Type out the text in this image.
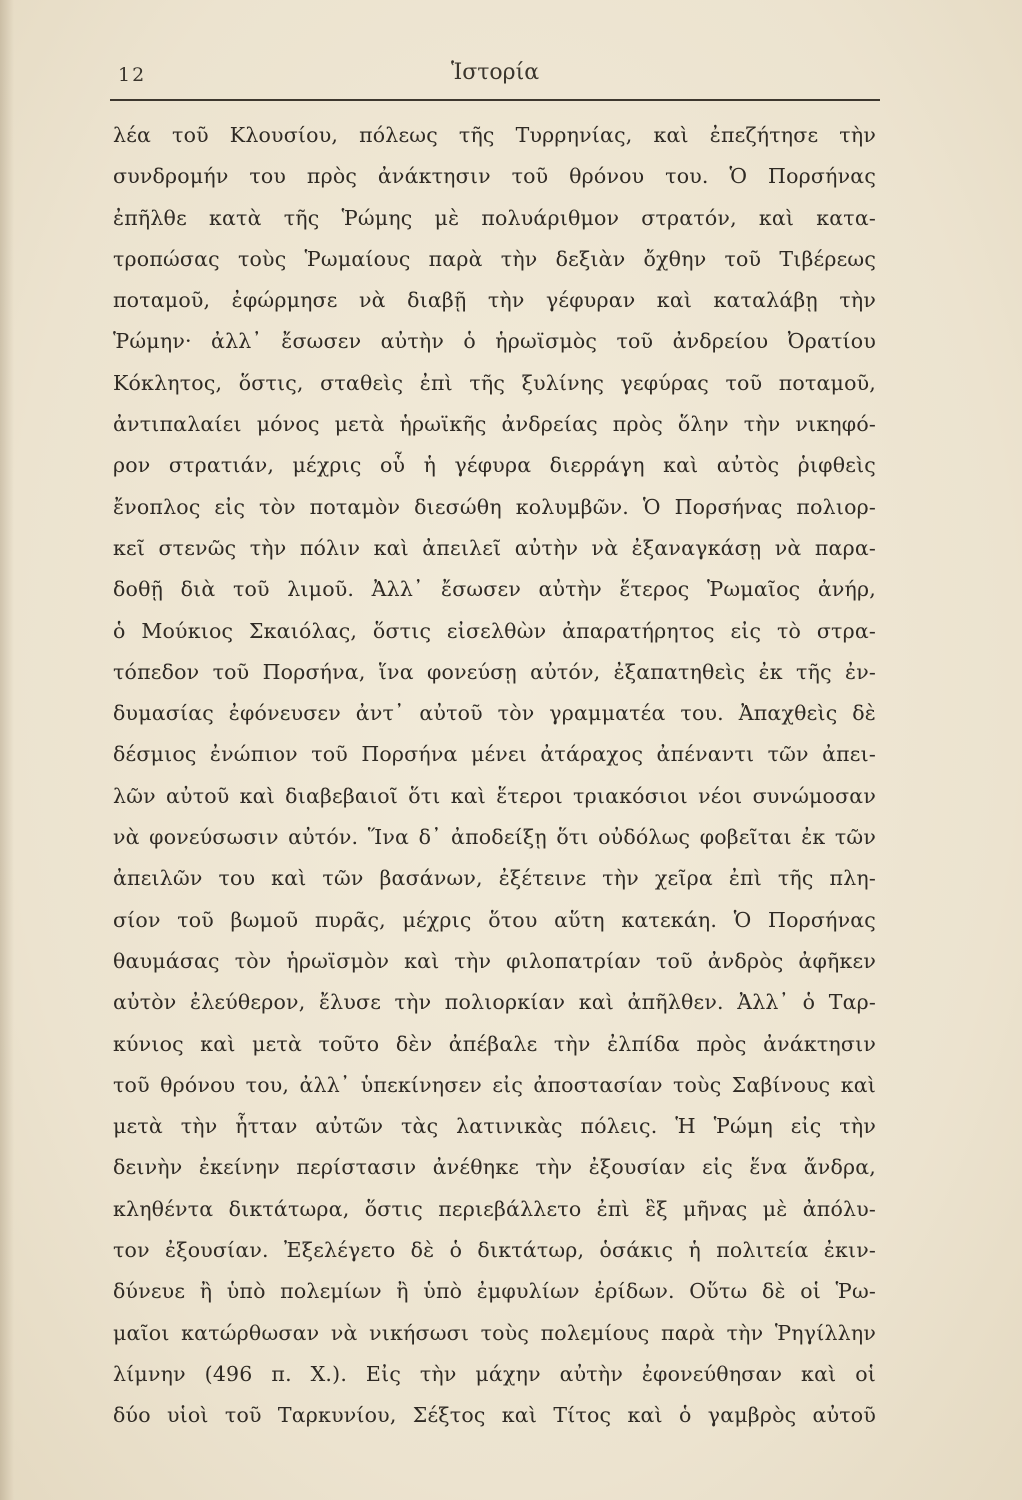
12	Ἱστορία
λέα τοῦ Κλουσίου, πόλεως τῆς Τυρρηνίας, καὶ ἐπεζήτησε τὴν
συνδρομήν του πρὸς ἀνάκτησιν τοῦ θρόνου του. Ὁ Πορσήνας
ἐπῆλθε κατὰ τῆς Ῥώμης μὲ πολυάριθμον στρατόν, καὶ κατα-
τροπώσας τοὺς Ῥωμαίους παρὰ τὴν δεξιὰν ὄχθην τοῦ Τιβέρεως
ποταμοῦ, ἐφώρμησε νὰ διαβῇ τὴν γέφυραν καὶ καταλάβῃ τὴν
Ῥώμην· ἀλλ᾽ ἔσωσεν αὐτὴν ὁ ἡρωϊσμὸς τοῦ ἀνδρείου Ὀρατίου
Κόκλητος, ὅστις, σταθεὶς ἐπὶ τῆς ξυλίνης γεφύρας τοῦ ποταμοῦ,
ἀντιπαλαίει μόνος μετὰ ἡρωϊκῆς ἀνδρείας πρὸς ὅλην τὴν νικηφό-
ρον στρατιάν, μέχρις οὗ ἡ γέφυρα διερράγη καὶ αὐτὸς ῥιφθεὶς
ἔνοπλος εἰς τὸν ποταμὸν διεσώθη κολυμβῶν. Ὁ Πορσήνας πολιορ-
κεῖ στενῶς τὴν πόλιν καὶ ἀπειλεῖ αὐτὴν νὰ ἐξαναγκάσῃ νὰ παρα-
δοθῇ διὰ τοῦ λιμοῦ. Ἀλλ᾽ ἔσωσεν αὐτὴν ἕτερος Ῥωμαῖος ἀνήρ,
ὁ Μούκιος Σκαιόλας, ὅστις εἰσελθὼν ἀπαρατήρητος εἰς τὸ στρα-
τόπεδον τοῦ Πορσήνα, ἵνα φονεύσῃ αὐτόν, ἐξαπατηθεὶς ἐκ τῆς ἐν-
δυμασίας ἐφόνευσεν ἀντ᾽ αὐτοῦ τὸν γραμματέα του. Ἀπαχθεὶς δὲ
δέσμιος ἐνώπιον τοῦ Πορσήνα μένει ἀτάραχος ἀπέναντι τῶν ἀπει-
λῶν αὐτοῦ καὶ διαβεβαιοῖ ὅτι καὶ ἕτεροι τριακόσιοι νέοι συνώμοσαν
νὰ φονεύσωσιν αὐτόν. Ἵνα δ᾽ ἀποδείξῃ ὅτι οὐδόλως φοβεῖται ἐκ τῶν
ἀπειλῶν του καὶ τῶν βασάνων, ἐξέτεινε τὴν χεῖρα ἐπὶ τῆς πλη-
σίον τοῦ βωμοῦ πυρᾶς, μέχρις ὅτου αὕτη κατεκάη. Ὁ Πορσήνας
θαυμάσας τὸν ἡρωϊσμὸν καὶ τὴν φιλοπατρίαν τοῦ ἀνδρὸς ἀφῆκεν
αὐτὸν ἐλεύθερον, ἔλυσε τὴν πολιορκίαν καὶ ἀπῆλθεν. Ἀλλ᾽ ὁ Ταρ-
κύνιος καὶ μετὰ τοῦτο δὲν ἀπέβαλε τὴν ἐλπίδα πρὸς ἀνάκτησιν
τοῦ θρόνου του, ἀλλ᾽ ὑπεκίνησεν εἰς ἀποστασίαν τοὺς Σαβίνους καὶ
μετὰ τὴν ἧτταν αὐτῶν τὰς λατινικὰς πόλεις. Ἡ Ῥώμη εἰς τὴν
δεινὴν ἐκείνην περίστασιν ἀνέθηκε τὴν ἐξουσίαν εἰς ἕνα ἄνδρα,
κληθέντα δικτάτωρα, ὅστις περιεβάλλετο ἐπὶ ἓξ μῆνας μὲ ἀπόλυ-
τον ἐξουσίαν. Ἐξελέγετο δὲ ὁ δικτάτωρ, ὁσάκις ἡ πολιτεία ἐκιν-
δύνευε ἢ ὑπὸ πολεμίων ἢ ὑπὸ ἐμφυλίων ἐρίδων. Οὕτω δὲ οἱ Ῥω-
μαῖοι κατώρθωσαν νὰ νικήσωσι τοὺς πολεμίους παρὰ τὴν Ῥηγίλλην
λίμνην (496 π. Χ.). Εἰς τὴν μάχην αὐτὴν ἐφονεύθησαν καὶ οἱ
δύο υἱοὶ τοῦ Ταρκυνίου, Σέξτος καὶ Τίτος καὶ ὁ γαμβρὸς αὐτοῦ
